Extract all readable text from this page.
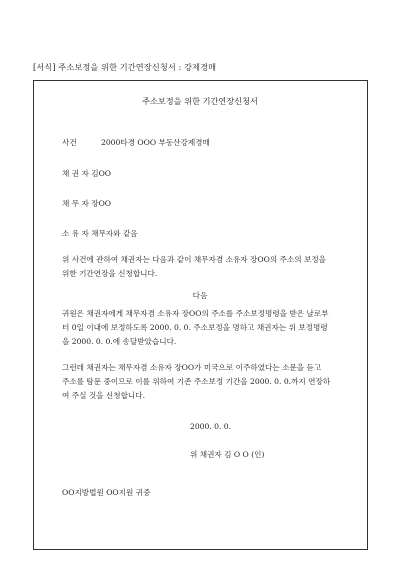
[서식] 주소보정을 위한 기간연장신청서 : 강제경매
주소보정을 위한 기간연장신청서
사건	2000타경 OOO 부동산강제경매
채 권 자 김OO
채 무 자 장OO
소 유 자 채무자와 같음
위 사건에 관하여 채권자는 다음과 같이 채무자겸 소유자 장OO의 주소의 보정을
위한 기간연장을 신청합니다.
다음
귀원은 채권자에게 채무자겸 소유자 장OO의 주소를 주소보정명령을 받은 날로부
터 0일 이내에 보정하도록 2000. 0. 0. 주소보정을 명하고 채권자는 위 보정명령
을 2000. 0. 0.에 송달받았습니다.
그런데 채권자는 채무자겸 소유자 장OO가 미국으로 이주하였다는 소문을 듣고
주소를 탐문 중이므로 이를 위하여 기존 주소보정 기간을 2000. 0. 0.까지 연장하
여 주실 것을 신청합니다.
2000. 0. 0.
위 채권자 김 O O (인)
OO지방법원 OO지원 귀중
